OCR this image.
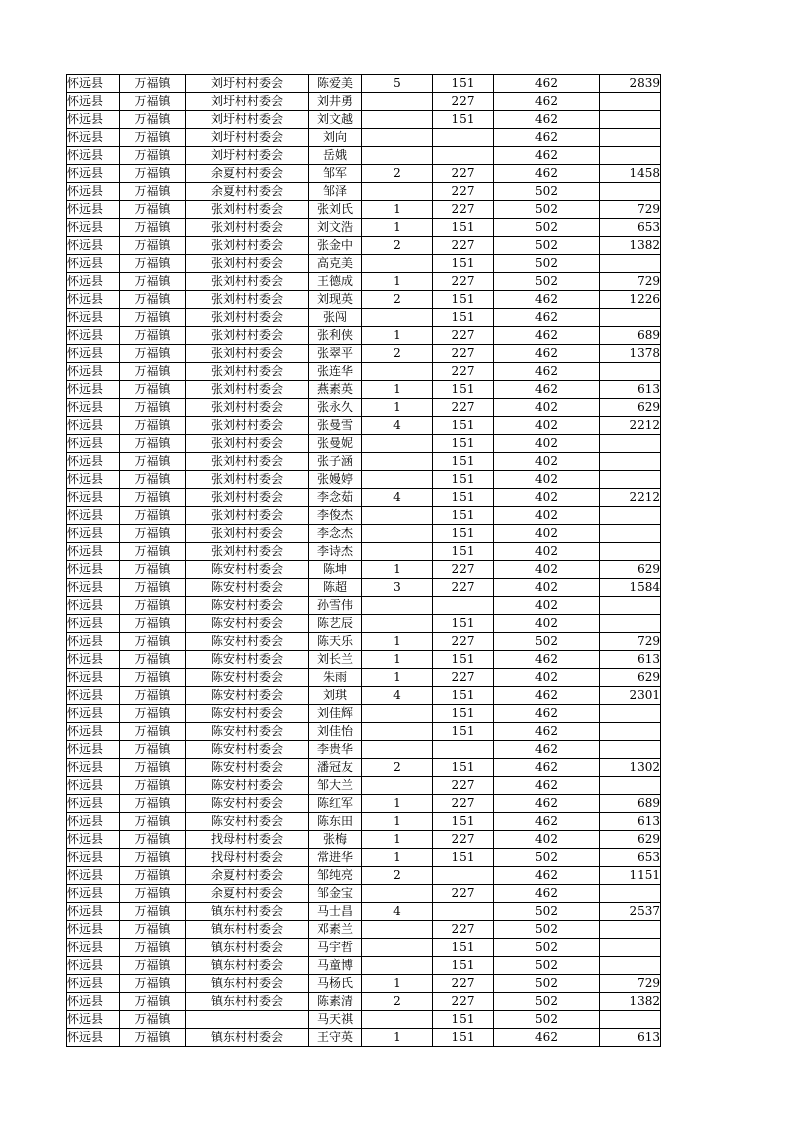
怀远县	万福镇	刘圩村村委会	陈爱美	5	151	462	2839
怀远县	万福镇	刘圩村村委会	刘井勇		227	462	
怀远县	万福镇	刘圩村村委会	刘文越		151	462	
怀远县	万福镇	刘圩村村委会	刘向			462	
怀远县	万福镇	刘圩村村委会	岳娥			462	
怀远县	万福镇	余夏村村委会	邹军	2	227	462	1458
怀远县	万福镇	余夏村村委会	邹泽		227	502	
怀远县	万福镇	张刘村村委会	张刘氏	1	227	502	729
怀远县	万福镇	张刘村村委会	刘文浩	1	151	502	653
怀远县	万福镇	张刘村村委会	张金中	2	227	502	1382
怀远县	万福镇	张刘村村委会	高克美		151	502	
怀远县	万福镇	张刘村村委会	王德成	1	227	502	729
怀远县	万福镇	张刘村村委会	刘现英	2	151	462	1226
怀远县	万福镇	张刘村村委会	张闯		151	462	
怀远县	万福镇	张刘村村委会	张利侠	1	227	462	689
怀远县	万福镇	张刘村村委会	张翠平	2	227	462	1378
怀远县	万福镇	张刘村村委会	张连华		227	462	
怀远县	万福镇	张刘村村委会	燕素英	1	151	462	613
怀远县	万福镇	张刘村村委会	张永久	1	227	402	629
怀远县	万福镇	张刘村村委会	张曼雪	4	151	402	2212
怀远县	万福镇	张刘村村委会	张曼妮		151	402	
怀远县	万福镇	张刘村村委会	张子涵		151	402	
怀远县	万福镇	张刘村村委会	张嫚婷		151	402	
怀远县	万福镇	张刘村村委会	李念茹	4	151	402	2212
怀远县	万福镇	张刘村村委会	李俊杰		151	402	
怀远县	万福镇	张刘村村委会	李念杰		151	402	
怀远县	万福镇	张刘村村委会	李诗杰		151	402	
怀远县	万福镇	陈安村村委会	陈坤	1	227	402	629
怀远县	万福镇	陈安村村委会	陈超	3	227	402	1584
怀远县	万福镇	陈安村村委会	孙雪伟			402	
怀远县	万福镇	陈安村村委会	陈艺辰		151	402	
怀远县	万福镇	陈安村村委会	陈天乐	1	227	502	729
怀远县	万福镇	陈安村村委会	刘长兰	1	151	462	613
怀远县	万福镇	陈安村村委会	朱雨	1	227	402	629
怀远县	万福镇	陈安村村委会	刘琪	4	151	462	2301
怀远县	万福镇	陈安村村委会	刘佳辉		151	462	
怀远县	万福镇	陈安村村委会	刘佳怡		151	462	
怀远县	万福镇	陈安村村委会	李贵华			462	
怀远县	万福镇	陈安村村委会	潘冠友	2	151	462	1302
怀远县	万福镇	陈安村村委会	邹大兰		227	462	
怀远县	万福镇	陈安村村委会	陈红军	1	227	462	689
怀远县	万福镇	陈安村村委会	陈东田	1	151	462	613
怀远县	万福镇	找母村村委会	张梅	1	227	402	629
怀远县	万福镇	找母村村委会	常进华	1	151	502	653
怀远县	万福镇	余夏村村委会	邹纯亮	2		462	1151
怀远县	万福镇	余夏村村委会	邹金宝		227	462	
怀远县	万福镇	镇东村村委会	马士昌	4		502	2537
怀远县	万福镇	镇东村村委会	邓素兰		227	502	
怀远县	万福镇	镇东村村委会	马宇哲		151	502	
怀远县	万福镇	镇东村村委会	马童博		151	502	
怀远县	万福镇	镇东村村委会	马杨氏	1	227	502	729
怀远县	万福镇	镇东村村委会	陈素清	2	227	502	1382
怀远县	万福镇		马天祺		151	502	
怀远县	万福镇	镇东村村委会	王守英	1	151	462	613
